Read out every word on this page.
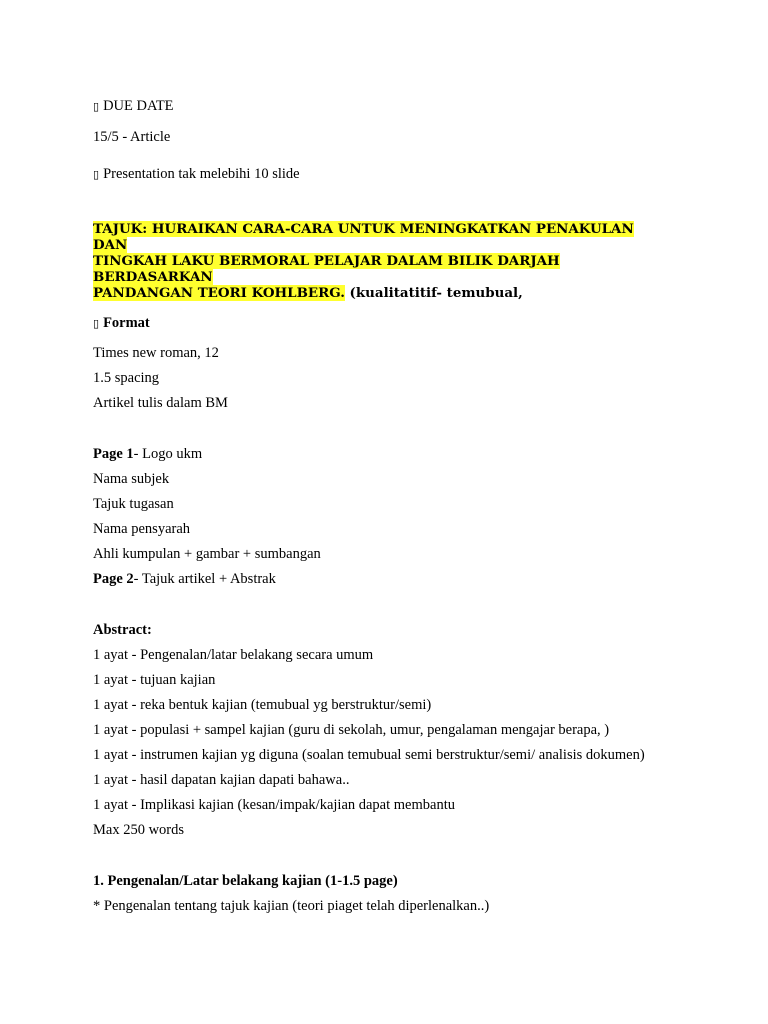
▯ DUE DATE
15/5 - Article
▯ Presentation tak melebihi 10 slide
TAJUK: HURAIKAN CARA-CARA UNTUK MENINGKATKAN PENAKULAN DAN
TINGKAH LAKU BERMORAL PELAJAR DALAM BILIK DARJAH BERDASARKAN
PANDANGAN TEORI KOHLBERG. (kualitatitif- temubual,
▯ Format
Times new roman, 12
1.5 spacing
Artikel tulis dalam BM
Page 1- Logo ukm
Nama subjek
Tajuk tugasan
Nama pensyarah
Ahli kumpulan + gambar + sumbangan
Page 2- Tajuk artikel + Abstrak
Abstract:
1 ayat - Pengenalan/latar belakang secara umum
1 ayat - tujuan kajian
1 ayat - reka bentuk kajian (temubual yg berstruktur/semi)
1 ayat - populasi + sampel kajian (guru di sekolah, umur, pengalaman mengajar berapa, )
1 ayat - instrumen kajian yg diguna (soalan temubual semi berstruktur/semi/ analisis dokumen)
1 ayat - hasil dapatan kajian dapati bahawa..
1 ayat - Implikasi kajian (kesan/impak/kajian dapat membantu
Max 250 words
1. Pengenalan/Latar belakang kajian (1-1.5 page)
* Pengenalan tentang tajuk kajian (teori piaget telah diperlenalkan..)
